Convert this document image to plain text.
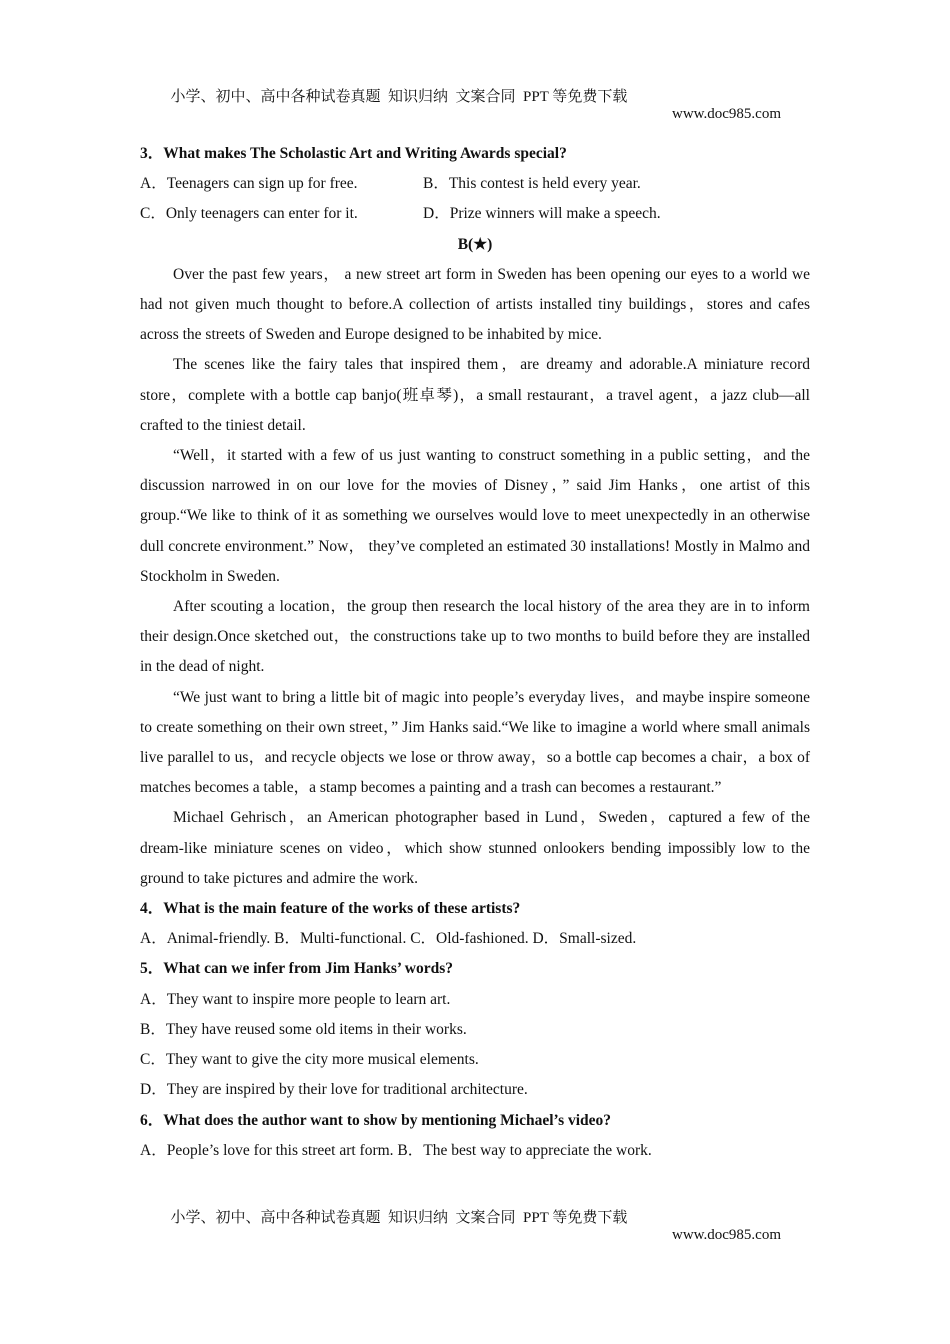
小学、初中、高中各种试卷真题  知识归纳  文案合同  PPT 等免费下载

www.doc985.com

3．What makes The Scholastic Art and Writing Awards special?
A．Teenagers can sign up for free.	B．This contest is held every year.
C．Only teenagers can enter for it.	D．Prize winners will make a speech.
B(★)

Over the past few years， a new street art form in Sweden has been opening our eyes to a world we had not given much thought to before.A collection of artists installed tiny buildings，stores and cafes across the streets of Sweden and Europe designed to be inhabited by mice.

The scenes like the fairy tales that inspired them，are dreamy and adorable.A miniature record store，complete with a bottle cap banjo(班卓琴)，a small restaurant，a travel agent，a jazz club—all crafted to the tiniest detail.

“Well，it started with a few of us just wanting to construct something in a public setting，and the discussion narrowed in on our love for the movies of Disney，” said Jim Hanks，one artist of this group.“We like to think of it as something we ourselves would love to meet unexpectedly in an otherwise dull concrete environment.” Now， they’ve completed an estimated 30 installations! Mostly in Malmo and Stockholm in Sweden.

After scouting a location，the group then research the local history of the area they are in to inform their design.Once sketched out，the constructions take up to two months to build before they are installed in the dead of night.

“We just want to bring a little bit of magic into people’s everyday lives，and maybe inspire someone to create something on their own street，” Jim Hanks said.“We like to imagine a world where small animals live parallel to us，and recycle objects we lose or throw away，so a bottle cap becomes a chair，a box of matches becomes a table，a stamp becomes a painting and a trash can becomes a restaurant.”

Michael Gehrisch，an American photographer based in Lund，Sweden，captured a few of the dream-like miniature scenes on video，which show stunned onlookers bending impossibly low to the ground to take pictures and admire the work.

4．What is the main feature of the works of these artists?
A．Animal-friendly. B．Multi-functional. C．Old-fashioned. D．Small-sized.
5．What can we infer from Jim Hanks’ words?
A．They want to inspire more people to learn art.
B．They have reused some old items in their works.
C．They want to give the city more musical elements.
D．They are inspired by their love for traditional architecture.
6．What does the author want to show by mentioning Michael’s video?
A．People’s love for this street art form. B．The best way to appreciate the work.

小学、初中、高中各种试卷真题  知识归纳  文案合同  PPT 等免费下载

www.doc985.com
